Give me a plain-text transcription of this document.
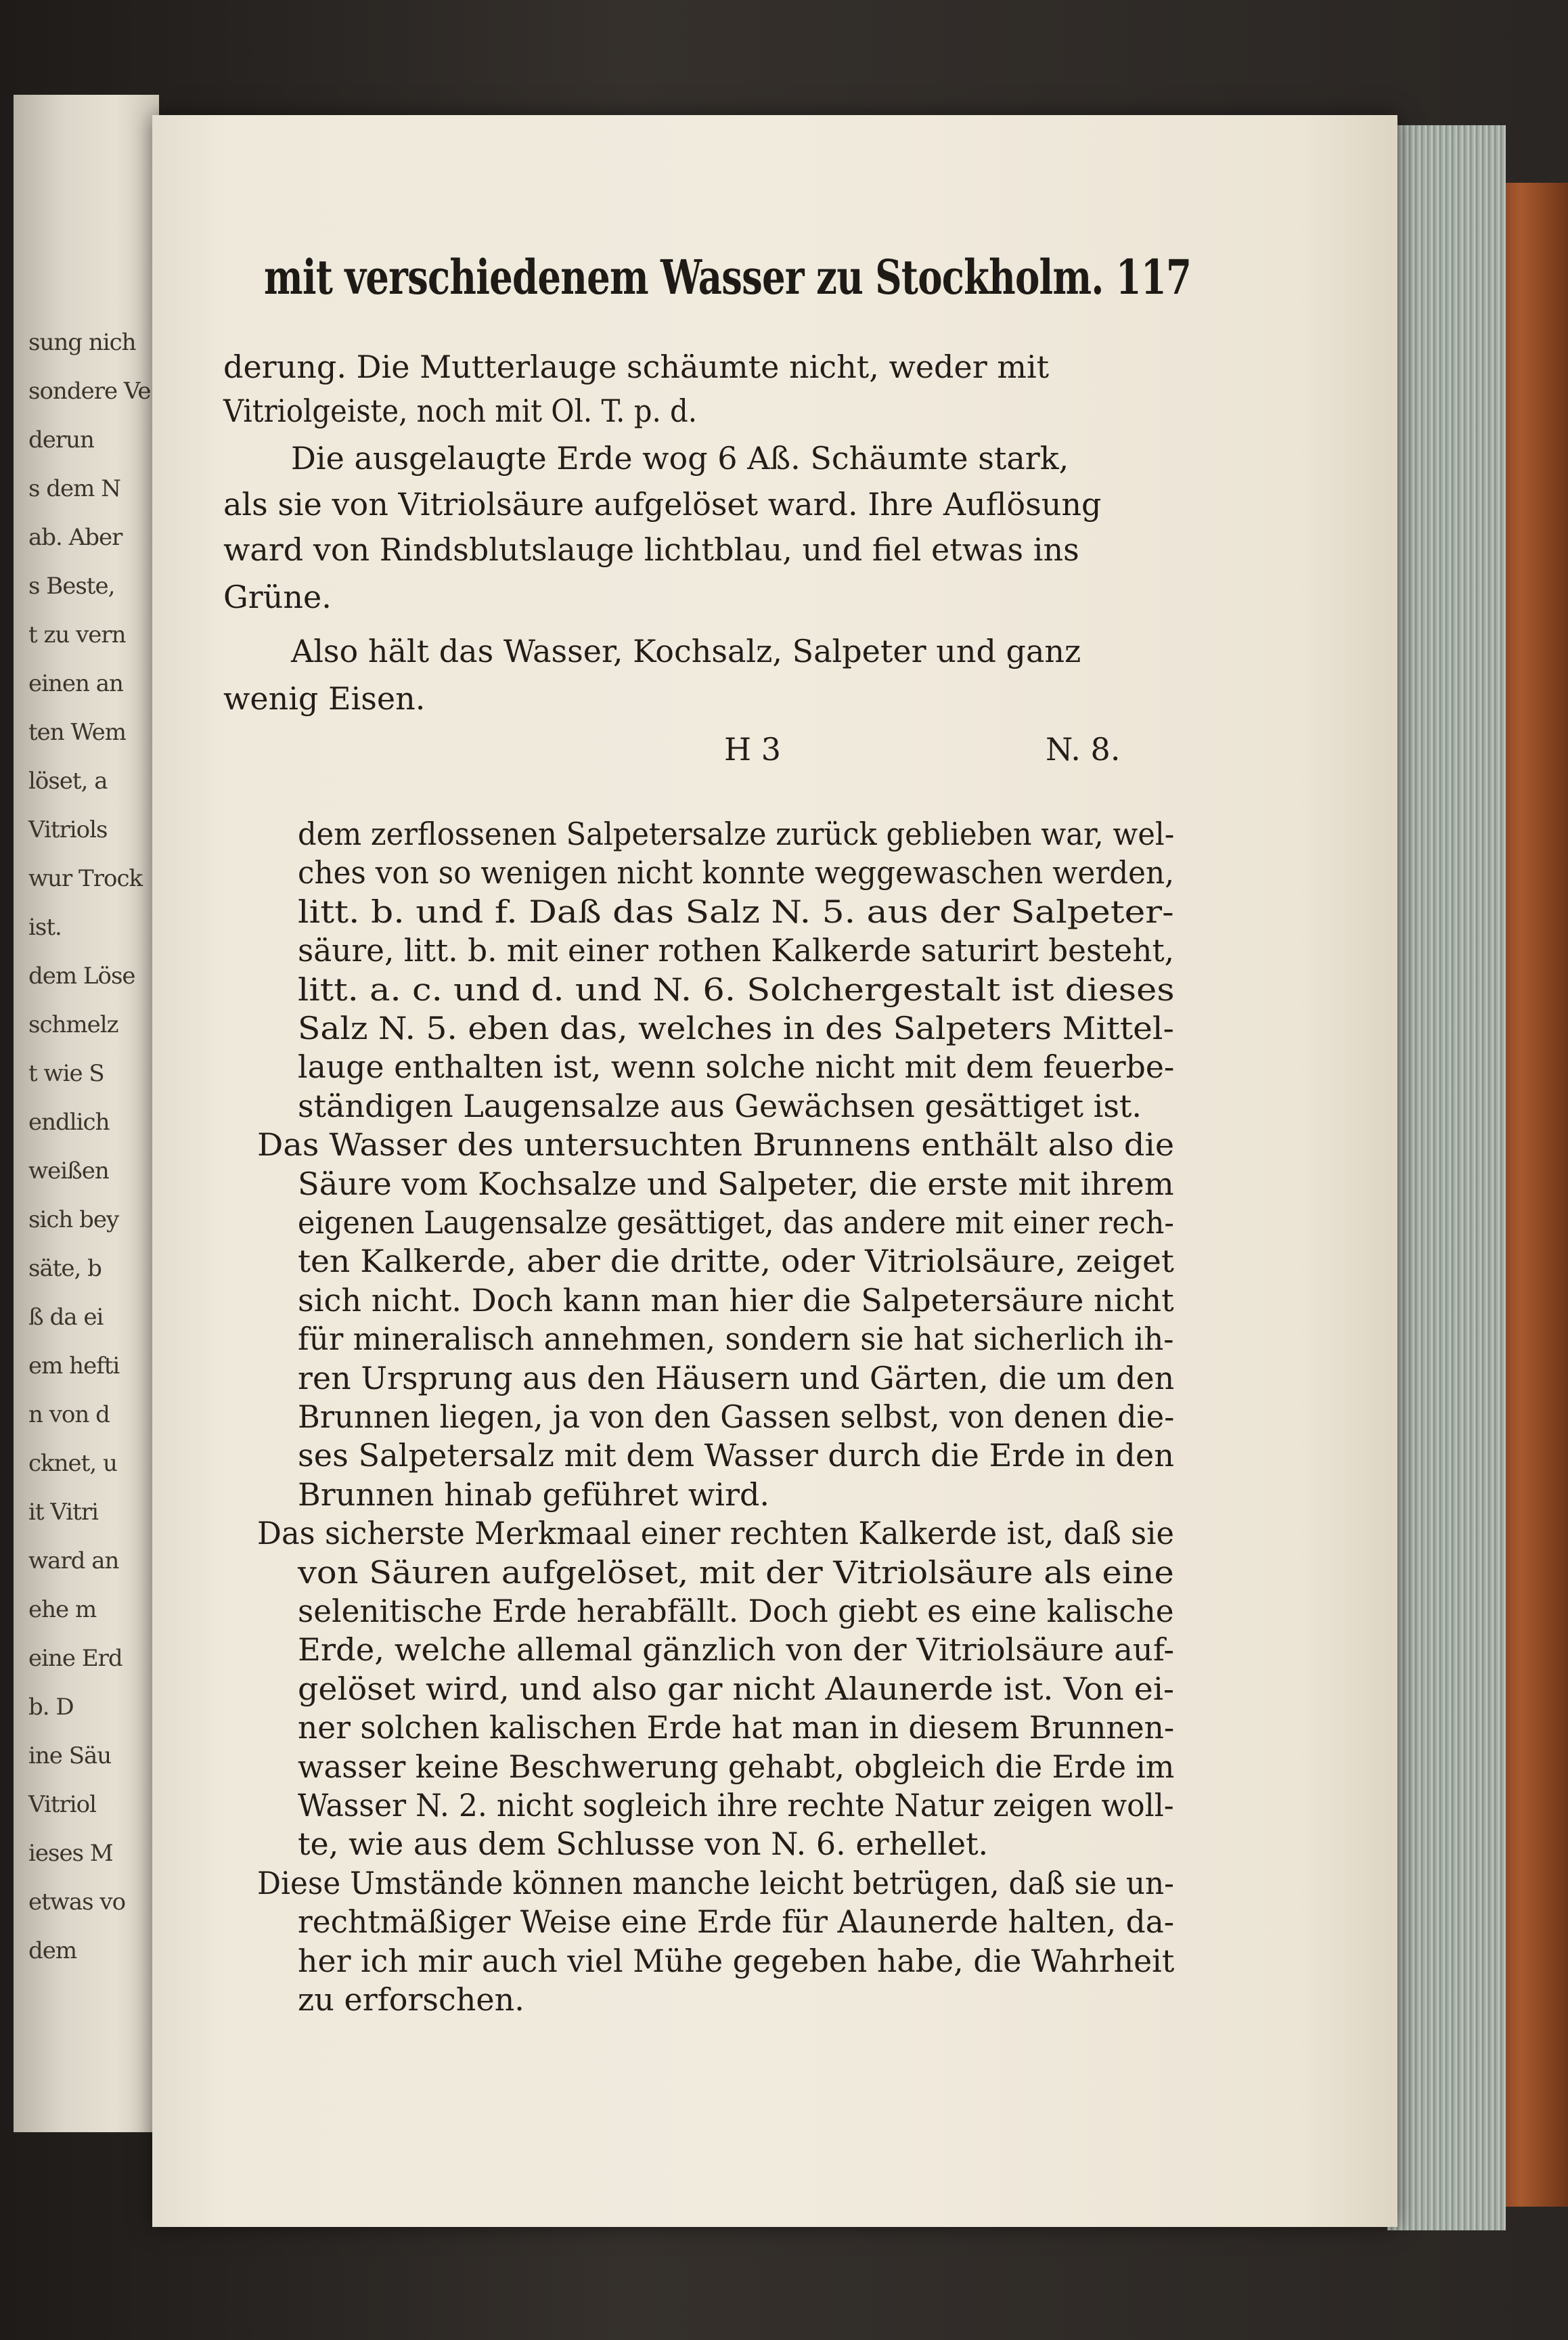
sung nich
sondere Ve
derun
s dem N
ab. Aber
s Beste,
t zu vern
einen an
ten Wem
löset, a
Vitriols
wur Trock
ist.
dem Löse
schmelz
t wie S
endlich
weißen
sich bey
säte, b
ß da ei
em hefti
n von d
cknet, u
it Vitri
ward an
ehe m
eine Erd
b. D
ine Säu
Vitriol
ieses M
etwas vo
dem
mit verschiedenem Wasser zu Stockholm. 117
derung. Die Mutterlauge schäumte nicht, weder mit
Vitriolgeiste, noch mit Ol. T. p. d.
Die ausgelaugte Erde wog 6 Aß. Schäumte stark,
als sie von Vitriolsäure aufgelöset ward. Ihre Auflösung
ward von Rindsblutslauge lichtblau, und fiel etwas ins
Grüne.
Also hält das Wasser, Kochsalz, Salpeter und ganz
wenig Eisen.
H 3	N. 8.
dem zerflossenen Salpetersalze zurück geblieben war, wel-
ches von so wenigen nicht konnte weggewaschen werden,
litt. b. und f. Daß das Salz N. 5. aus der Salpeter-
säure, litt. b. mit einer rothen Kalkerde saturirt besteht,
litt. a. c. und d. und N. 6. Solchergestalt ist dieses
Salz N. 5. eben das, welches in des Salpeters Mittel-
lauge enthalten ist, wenn solche nicht mit dem feuerbe-
ständigen Laugensalze aus Gewächsen gesättiget ist.
Das Wasser des untersuchten Brunnens enthält also die
Säure vom Kochsalze und Salpeter, die erste mit ihrem
eigenen Laugensalze gesättiget, das andere mit einer rech-
ten Kalkerde, aber die dritte, oder Vitriolsäure, zeiget
sich nicht. Doch kann man hier die Salpetersäure nicht
für mineralisch annehmen, sondern sie hat sicherlich ih-
ren Ursprung aus den Häusern und Gärten, die um den
Brunnen liegen, ja von den Gassen selbst, von denen die-
ses Salpetersalz mit dem Wasser durch die Erde in den
Brunnen hinab geführet wird.
Das sicherste Merkmaal einer rechten Kalkerde ist, daß sie
von Säuren aufgelöset, mit der Vitriolsäure als eine
selenitische Erde herabfällt. Doch giebt es eine kalische
Erde, welche allemal gänzlich von der Vitriolsäure auf-
gelöset wird, und also gar nicht Alaunerde ist. Von ei-
ner solchen kalischen Erde hat man in diesem Brunnen-
wasser keine Beschwerung gehabt, obgleich die Erde im
Wasser N. 2. nicht sogleich ihre rechte Natur zeigen woll-
te, wie aus dem Schlusse von N. 6. erhellet.
Diese Umstände können manche leicht betrügen, daß sie un-
rechtmäßiger Weise eine Erde für Alaunerde halten, da-
her ich mir auch viel Mühe gegeben habe, die Wahrheit
zu erforschen.
